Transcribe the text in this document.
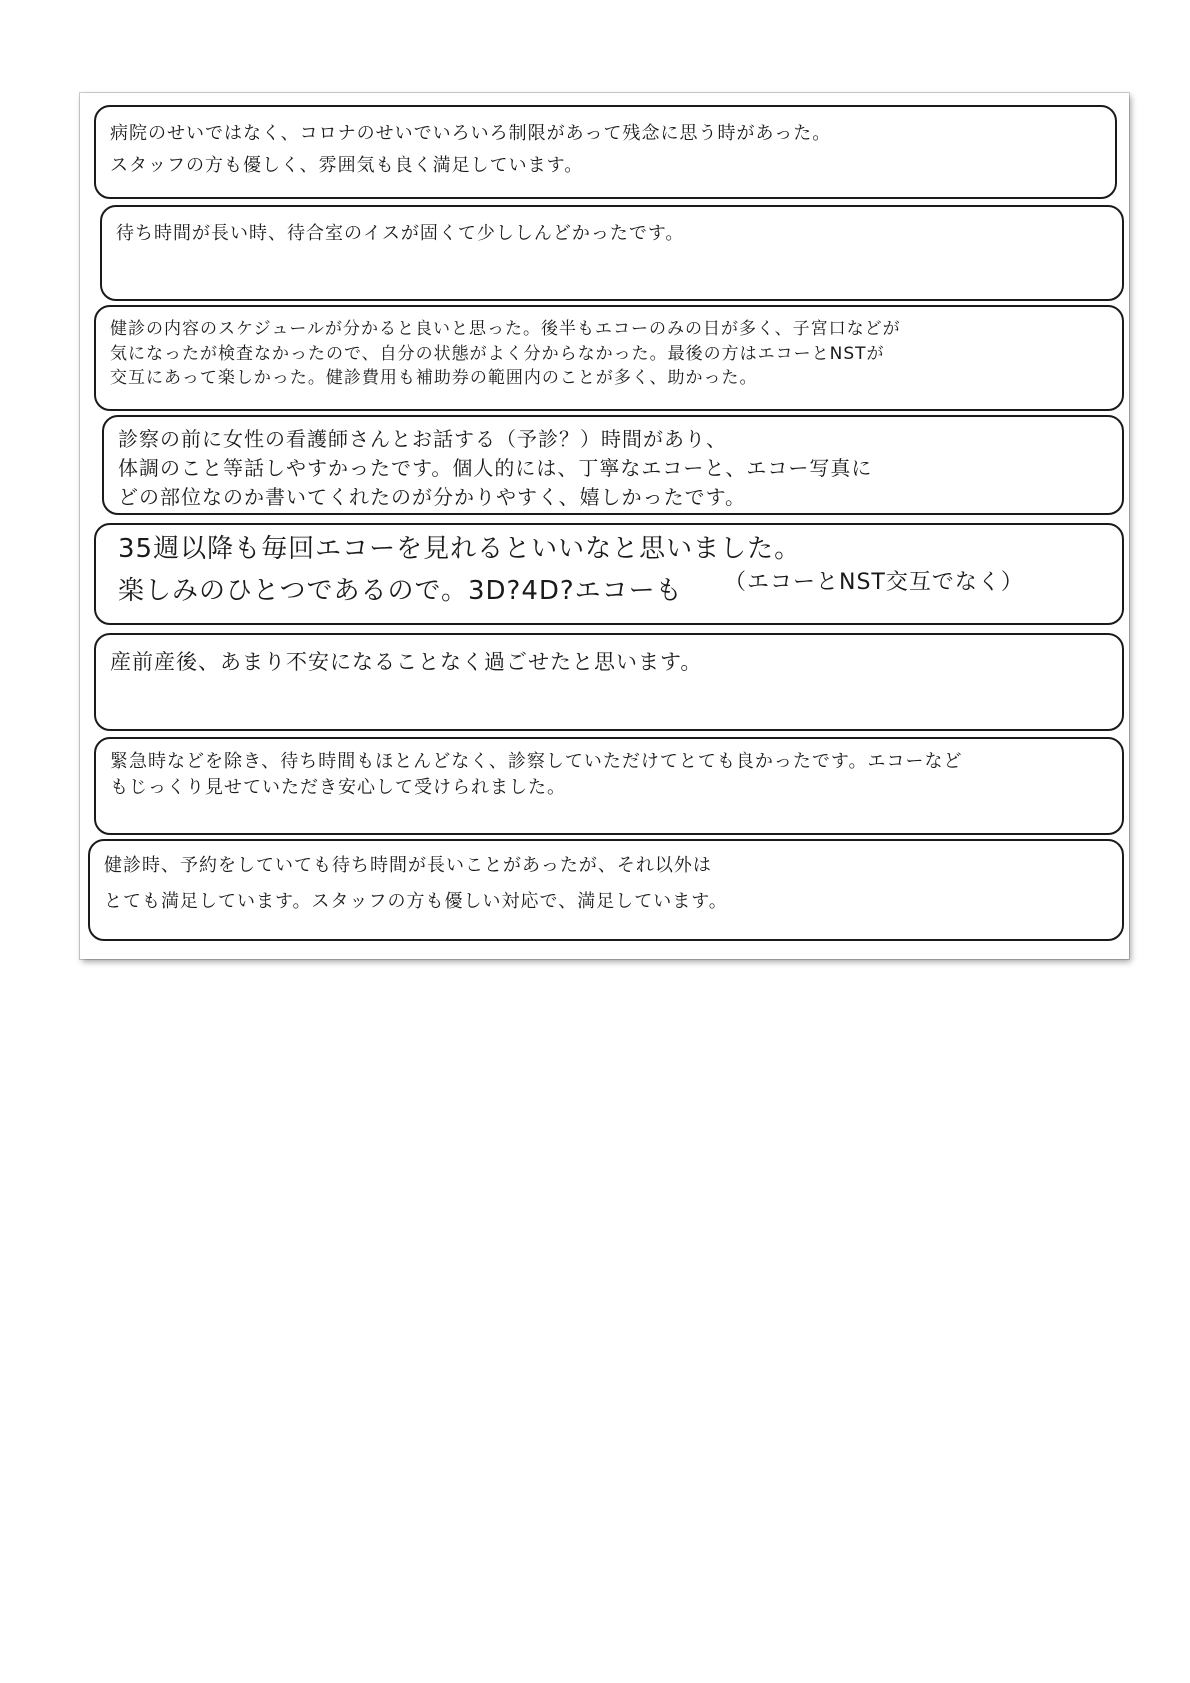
病院のせいではなく、コロナのせいでいろいろ制限があって残念に思う時があった。
スタッフの方も優しく、雰囲気も良く満足しています。
待ち時間が長い時、待合室のイスが固くて少ししんどかったです。
健診の内容のスケジュールが分かると良いと思った。後半もエコーのみの日が多く、子宮口などが
気になったが検査なかったので、自分の状態がよく分からなかった。最後の方はエコーとNSTが
交互にあって楽しかった。健診費用も補助券の範囲内のことが多く、助かった。
診察の前に女性の看護師さんとお話する（予診？）時間があり、
体調のこと等話しやすかったです。個人的には、丁寧なエコーと、エコー写真に
どの部位なのか書いてくれたのが分かりやすく、嬉しかったです。
35週以降も毎回エコーを見れるといいなと思いました。
楽しみのひとつであるので。3D?4D?エコーも （エコーとNST交互でなく）
産前産後、あまり不安になることなく過ごせたと思います。
緊急時などを除き、待ち時間もほとんどなく、診察していただけてとても良かったです。エコーなど
もじっくり見せていただき安心して受けられました。
健診時、予約をしていても待ち時間が長いことがあったが、それ以外は
とても満足しています。スタッフの方も優しい対応で、満足しています。
